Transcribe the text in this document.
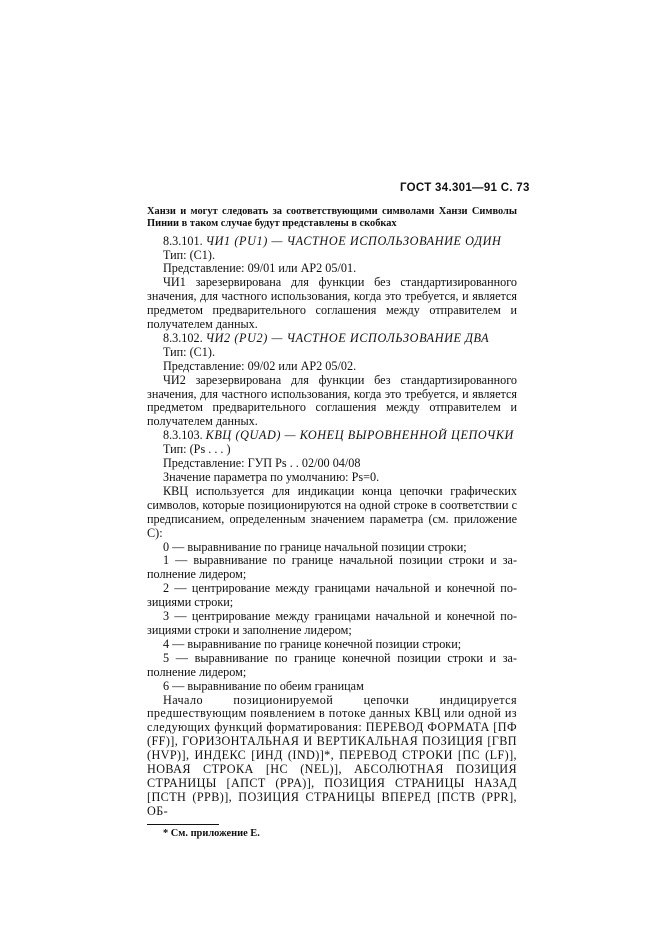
ГОСТ 34.301—91 С. 73

Ханзи и могут следовать за соответствующими символами Ханзи Символы Пинии в таком случае будут представлены в скобках

8.3.101. ЧИ1 (PU1) — ЧАСТНОЕ ИСПОЛЬЗОВАНИЕ ОДИН

Тип: (C1).

Представление: 09/01 или АР2 05/01.

ЧИ1 зарезервирована для функции без стандартизированного значения, для частного использования, когда это требуется, и является предметом предварительного соглашения между отправителем и получателем данных.

8.3.102. ЧИ2 (PU2) — ЧАСТНОЕ ИСПОЛЬЗОВАНИЕ ДВА

Тип: (C1).

Представление: 09/02 или АР2 05/02.

ЧИ2 зарезервирована для функции без стандартизированного значения, для частного использования, когда это требуется, и является предметом предварительного соглашения между отправителем и получателем данных.

8.3.103. КВЦ (QUAD) — КОНЕЦ ВЫРОВНЕННОЙ ЦЕПОЧКИ

Тип: (Ps . . . )

Представление: ГУП Ps . . 02/00 04/08

Значение параметра по умолчанию: Ps=0.

КВЦ используется для индикации конца цепочки графических символов, которые позиционируются на одной строке в соответствии с предписанием, определенным значением параметра (см. приложение С):

0 — выравнивание по границе начальной позиции строки;

1 — выравнивание по границе начальной позиции строки и заполнение лидером;

2 — центрирование между границами начальной и конечной позициями строки;

3 — центрирование между границами начальной и конечной позициями строки и заполнение лидером;

4 — выравнивание по границе конечной позиции строки;

5 — выравнивание по границе конечной позиции строки и заполнение лидером;

6 — выравнивание по обеим границам

Начало позиционируемой цепочки индицируется предшествующим появлением в потоке данных КВЦ или одной из следующих функций форматирования: ПЕРЕВОД ФОРМАТА [ПФ (FF)], ГОРИЗОНТАЛЬНАЯ И ВЕРТИКАЛЬНАЯ ПОЗИЦИЯ [ГВП (HVP)], ИНДЕКС [ИНД (IND)]*, ПЕРЕВОД СТРОКИ [ПС (LF)], НОВАЯ СТРОКА [НС (NEL)], АБСОЛЮТНАЯ ПОЗИЦИЯ СТРАНИЦЫ [АПСТ (PPA)], ПОЗИЦИЯ СТРАНИЦЫ НАЗАД [ПСТН (PPB)], ПОЗИЦИЯ СТРАНИЦЫ ВПЕРЕД [ПСТВ (PPR], ОБ-

* См. приложение Е.
